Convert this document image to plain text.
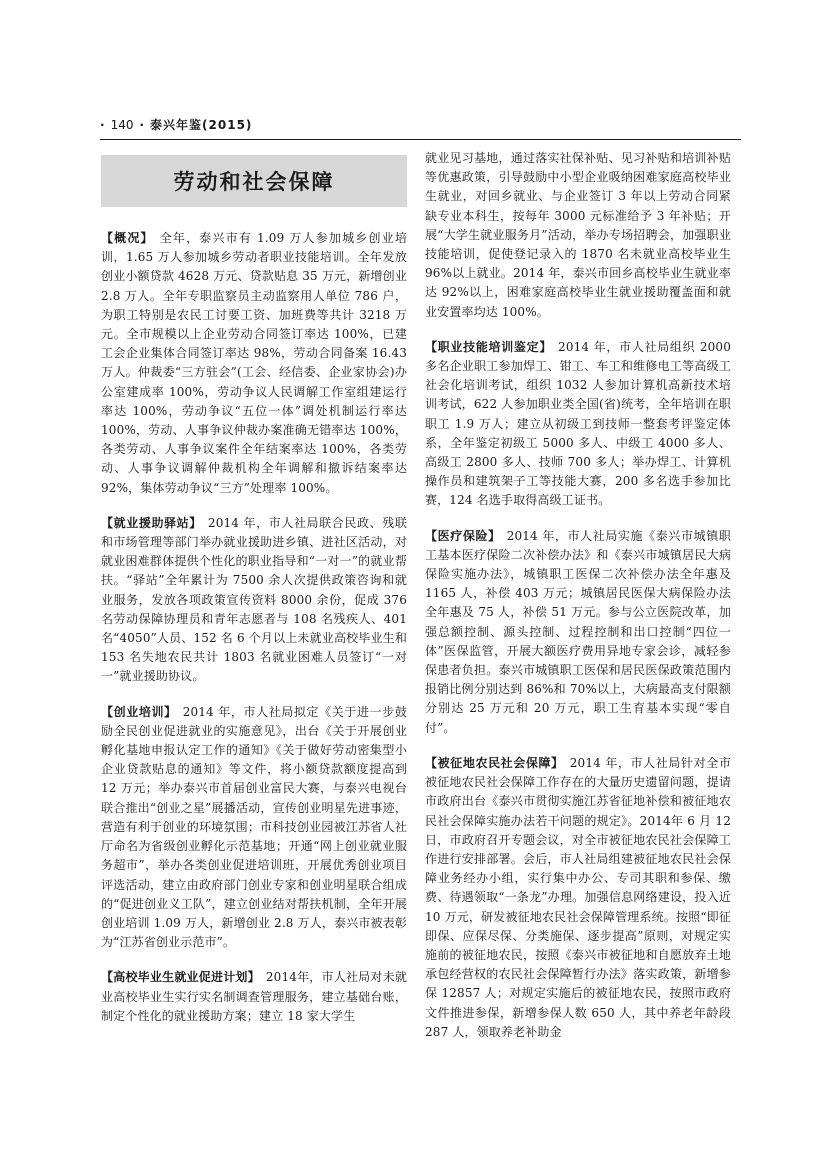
· 140 · 泰兴年鉴(2015)
劳动和社会保障

【概况】 全年，泰兴市有 1.09 万人参加城乡创业培训，1.65 万人参加城乡劳动者职业技能培训。全年发放创业小额贷款 4628 万元、贷款贴息 35 万元，新增创业 2.8 万人。全年专职监察员主动监察用人单位 786 户，为职工特别是农民工讨要工资、加班费等共计 3218 万元。全市规模以上企业劳动合同签订率达 100%，已建工会企业集体合同签订率达 98%，劳动合同备案 16.43 万人。仲裁委“三方驻会”(工会、经信委、企业家协会)办公室建成率 100%，劳动争议人民调解工作室组建运行率达 100%，劳动争议“五位一体”调处机制运行率达 100%，劳动、人事争议仲裁办案准确无错率达 100%，各类劳动、人事争议案件全年结案率达 100%，各类劳动、人事争议调解仲裁机构全年调解和撤诉结案率达 92%，集体劳动争议“三方”处理率 100%。

【就业援助驿站】 2014 年，市人社局联合民政、残联和市场管理等部门举办就业援助进乡镇、进社区活动，对就业困难群体提供个性化的职业指导和“一对一”的就业帮扶。“驿站”全年累计为 7500 余人次提供政策咨询和就业服务，发放各项政策宣传资料 8000 余份，促成 376 名劳动保障协理员和青年志愿者与 108 名残疾人、401 名“4050”人员、152 名 6 个月以上未就业高校毕业生和 153 名失地农民共计 1803 名就业困难人员签订“一对一”就业援助协议。

【创业培训】 2014 年，市人社局拟定《关于进一步鼓励全民创业促进就业的实施意见》，出台《关于开展创业孵化基地申报认定工作的通知》《关于做好劳动密集型小企业贷款贴息的通知》等文件，将小额贷款额度提高到 12 万元；举办泰兴市首届创业富民大赛，与泰兴电视台联合推出“创业之星”展播活动，宣传创业明星先进事迹，营造有利于创业的环境氛围；市科技创业园被江苏省人社厅命名为省级创业孵化示范基地；开通“网上创业就业服务超市”，举办各类创业促进培训班，开展优秀创业项目评选活动，建立由政府部门创业专家和创业明星联合组成的“促进创业义工队”，建立创业结对帮扶机制，全年开展创业培训 1.09 万人，新增创业 2.8 万人，泰兴市被表彰为“江苏省创业示范市”。

【高校毕业生就业促进计划】 2014年，市人社局对未就业高校毕业生实行实名制调查管理服务，建立基础台账，制定个性化的就业援助方案；建立 18 家大学生

就业见习基地，通过落实社保补贴、见习补贴和培训补贴等优惠政策，引导鼓励中小型企业吸纳困难家庭高校毕业生就业，对回乡就业、与企业签订 3 年以上劳动合同紧缺专业本科生，按每年 3000 元标准给予 3 年补贴；开展“大学生就业服务月”活动，举办专场招聘会，加强职业技能培训，促使登记录入的 1870 名未就业高校毕业生 96%以上就业。2014 年，泰兴市回乡高校毕业生就业率达 92%以上，困难家庭高校毕业生就业援助覆盖面和就业安置率均达 100%。

【职业技能培训鉴定】 2014 年，市人社局组织 2000 多名企业职工参加焊工、钳工、车工和维修电工等高级工社会化培训考试，组织 1032 人参加计算机高新技术培训考试，622 人参加职业类全国(省)统考，全年培训在职职工 1.9 万人；建立从初级工到技师一整套考评鉴定体系，全年鉴定初级工 5000 多人、中级工 4000 多人、高级工 2800 多人、技师 700 多人；举办焊工、计算机操作员和建筑架子工等技能大赛，200 多名选手参加比赛，124 名选手取得高级工证书。

【医疗保险】 2014 年，市人社局实施《泰兴市城镇职工基本医疗保险二次补偿办法》和《泰兴市城镇居民大病保险实施办法》，城镇职工医保二次补偿办法全年惠及 1165 人，补偿 403 万元；城镇居民医保大病保险办法全年惠及 75 人，补偿 51 万元。参与公立医院改革，加强总额控制、源头控制、过程控制和出口控制“四位一体”医保监管，开展大额医疗费用异地专家会诊，减轻参保患者负担。泰兴市城镇职工医保和居民医保政策范围内报销比例分别达到 86%和 70%以上，大病最高支付限额分别达 25 万元和 20 万元，职工生育基本实现“零自付”。

【被征地农民社会保障】 2014 年，市人社局针对全市被征地农民社会保障工作存在的大量历史遗留问题，提请市政府出台《泰兴市贯彻实施江苏省征地补偿和被征地农民社会保障实施办法若干问题的规定》。2014年 6 月 12 日，市政府召开专题会议，对全市被征地农民社会保障工作进行安排部署。会后，市人社局组建被征地农民社会保障业务经办小组，实行集中办公、专司其职和参保、缴费、待遇领取“一条龙”办理。加强信息网络建设，投入近 10 万元，研发被征地农民社会保障管理系统。按照“即征即保、应保尽保、分类施保、逐步提高”原则，对规定实施前的被征地农民，按照《泰兴市被征地和自愿放弃土地承包经营权的农民社会保障暂行办法》落实政策，新增参保 12857 人；对规定实施后的被征地农民，按照市政府文件推进参保，新增参保人数 650 人，其中养老年龄段 287 人，领取养老补助金
